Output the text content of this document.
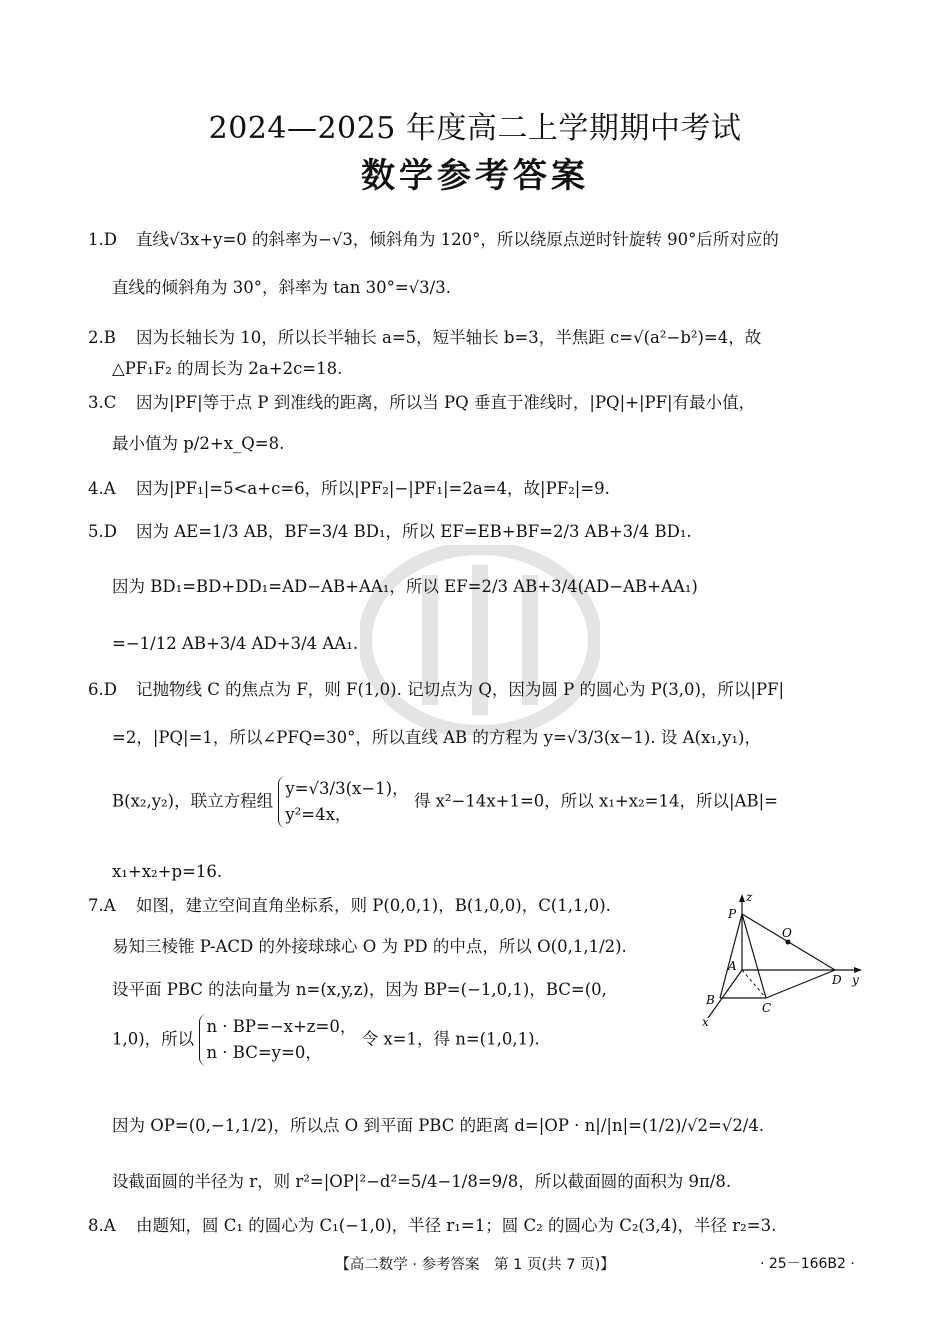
2024—2025 年度高二上学期期中考试
数学参考答案
1.D 直线√3x+y=0 的斜率为−√3，倾斜角为 120°，所以绕原点逆时针旋转 90°后所对应的
直线的倾斜角为 30°，斜率为 tan 30°=√3/3.
2.B 因为长轴长为 10，所以长半轴长 a=5，短半轴长 b=3，半焦距 c=√(a²−b²)=4，故
△PF₁F₂ 的周长为 2a+2c=18.
3.C 因为|PF|等于点 P 到准线的距离，所以当 PQ 垂直于准线时，|PQ|+|PF|有最小值，
最小值为 p/2+x_Q=8.
4.A 因为|PF₁|=5<a+c=6，所以|PF₂|−|PF₁|=2a=4，故|PF₂|=9.
5.D 因为 AE=1/3 AB，BF=3/4 BD₁，所以 EF=EB+BF=2/3 AB+3/4 BD₁.
因为 BD₁=BD+DD₁=AD−AB+AA₁，所以 EF=2/3 AB+3/4(AD−AB+AA₁)
=−1/12 AB+3/4 AD+3/4 AA₁.
6.D 记抛物线 C 的焦点为 F，则 F(1,0). 记切点为 Q，因为圆 P 的圆心为 P(3,0)，所以|PF|
=2，|PQ|=1，所以∠PFQ=30°，所以直线 AB 的方程为 y=√3/3(x−1). 设 A(x₁,y₁)，
B(x₂,y₂)，联立方程组
y=√3/3(x−1)，
y²=4x，
得 x²−14x+1=0，所以 x₁+x₂=14，所以|AB|=
x₁+x₂+p=16.
7.A 如图，建立空间直角坐标系，则 P(0,0,1)，B(1,0,0)，C(1,1,0).
易知三棱锥 P-ACD 的外接球球心 O 为 PD 的中点，所以 O(0,1,1/2).
设平面 PBC 的法向量为 n=(x,y,z)，因为 BP=(−1,0,1)，BC=(0,
1,0)，所以
n · BP=−x+z=0，
n · BC=y=0，
令 x=1，得 n=(1,0,1).
因为 OP=(0,−1,1/2)，所以点 O 到平面 PBC 的距离 d=|OP · n|/|n|=(1/2)/√2=√2/4.
设截面圆的半径为 r，则 r²=|OP|²−d²=5/4−1/8=9/8，所以截面圆的面积为 9π/8.
z
P
O
A
D y
B
C
x
8.A 由题知，圆 C₁ 的圆心为 C₁(−1,0)，半径 r₁=1；圆 C₂ 的圆心为 C₂(3,4)，半径 r₂=3.
【高二数学 · 参考答案　第 1 页(共 7 页)】	· 25－166B2 ·
